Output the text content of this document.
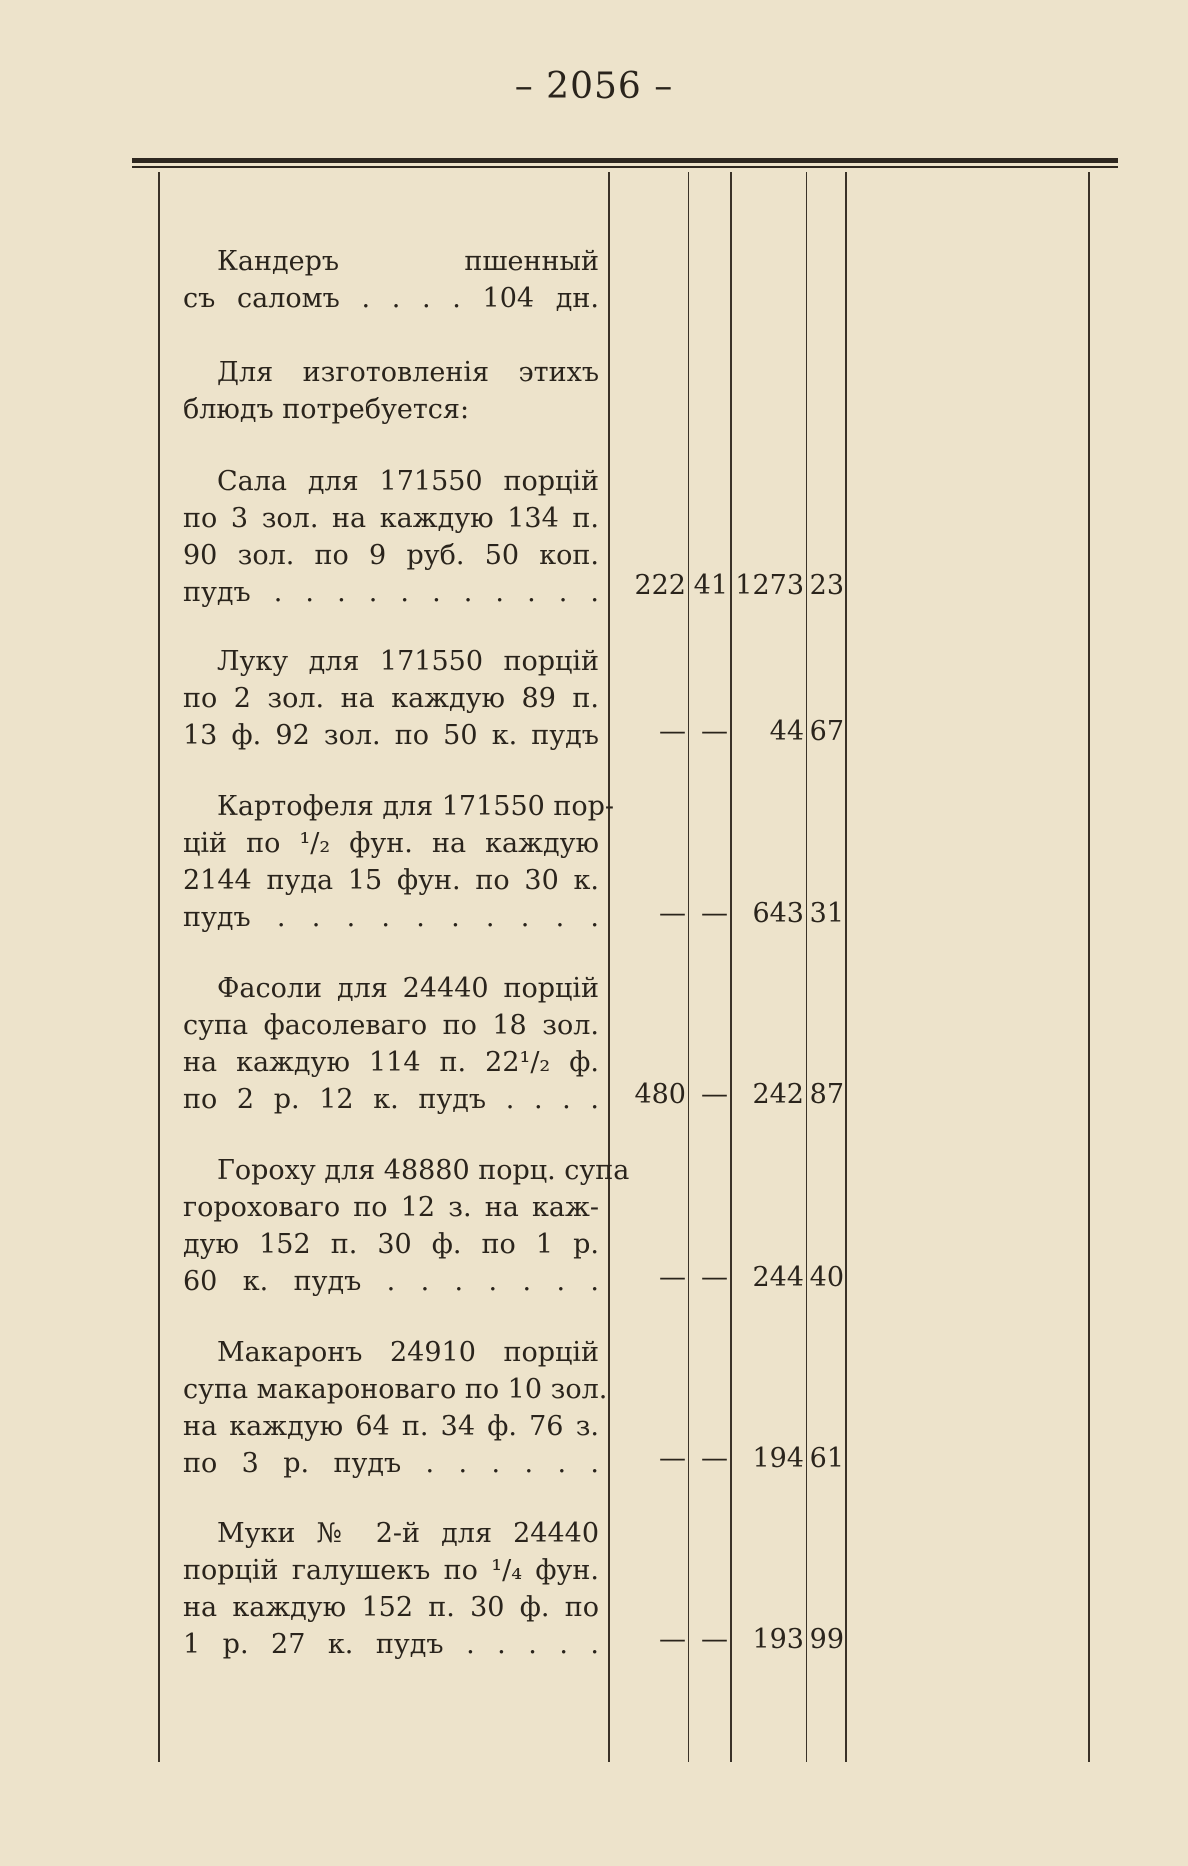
– 2056 –
Кандеръ пшенный
съ саломъ . . . . 104 дн.
Для изготовленія этихъ
блюдъ потребуется:
Сала для 171550 порцій
по 3 зол. на каждую 134 п.
90 зол. по 9 руб. 50 коп.
пудъ . . . . . . . . . . .	222 41 1273 23
Луку для 171550 порцій
по 2 зол. на каждую 89 п.
13 ф. 92 зол. по 50 к. пудъ	— —	44 67
Картофеля для 171550 пор-
цій по ¹/₂ фун. на каждую
2144 пуда 15 фун. по 30 к.
пудъ . . . . . . . . . .	— — 643 31
Фасоли для 24440 порцій
супа фасолеваго по 18 зол.
на каждую 114 п. 22¹/₂ ф.
по 2 р. 12 к. пудъ . . . .	480 — 242 87
Гороху для 48880 порц. супа
гороховаго по 12 з. на каж-
дую 152 п. 30 ф. по 1 р.
60 к. пудъ . . . . . . .	— — 244 40
Макаронъ 24910 порцій
супа макароноваго по 10 зол.
на каждую 64 п. 34 ф. 76 з.
по 3 р. пудъ . . . . . .	— — 194 61
Муки № 2-й для 24440
порцій галушекъ по ¹/₄ фун.
на каждую 152 п. 30 ф. по
1 р. 27 к. пудъ . . . . .	— — 193 99
